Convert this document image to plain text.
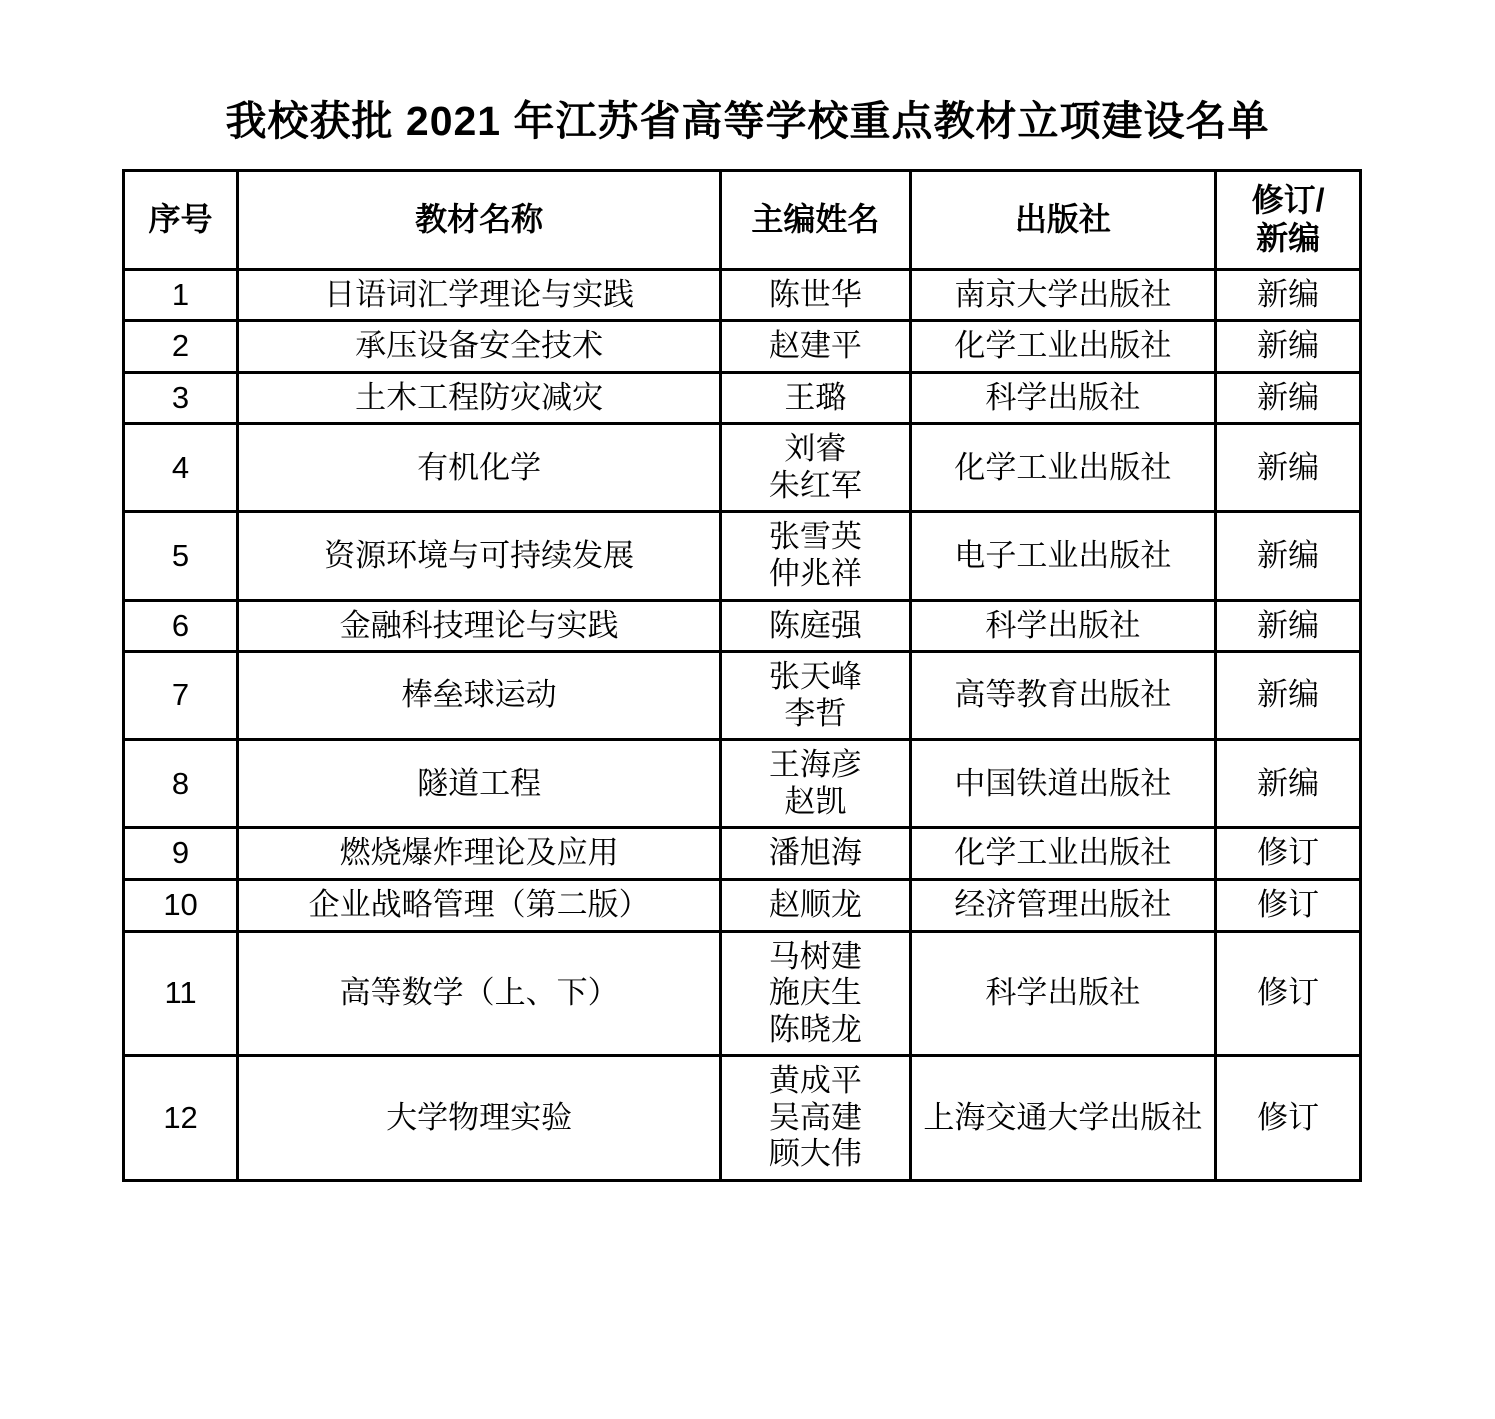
我校获批 2021 年江苏省高等学校重点教材立项建设名单
序号	教材名称	主编姓名	出版社	修订/
新编

1	日语词汇学理论与实践	陈世华	南京大学出版社	新编
2	承压设备安全技术	赵建平	化学工业出版社	新编
3	土木工程防灾减灾	王璐	科学出版社	新编
4	有机化学	刘睿
朱红军	化学工业出版社	新编
5	资源环境与可持续发展	张雪英
仲兆祥	电子工业出版社	新编
6	金融科技理论与实践	陈庭强	科学出版社	新编
7	棒垒球运动	张天峰
李哲	高等教育出版社	新编
8	隧道工程	王海彦
赵凯	中国铁道出版社	新编
9	燃烧爆炸理论及应用	潘旭海	化学工业出版社	修订
10	企业战略管理（第二版）	赵顺龙	经济管理出版社	修订
11	高等数学（上、下）	马树建
施庆生
陈晓龙	科学出版社	修订
12	大学物理实验	黄成平
吴高建
顾大伟	上海交通大学出版社	修订
